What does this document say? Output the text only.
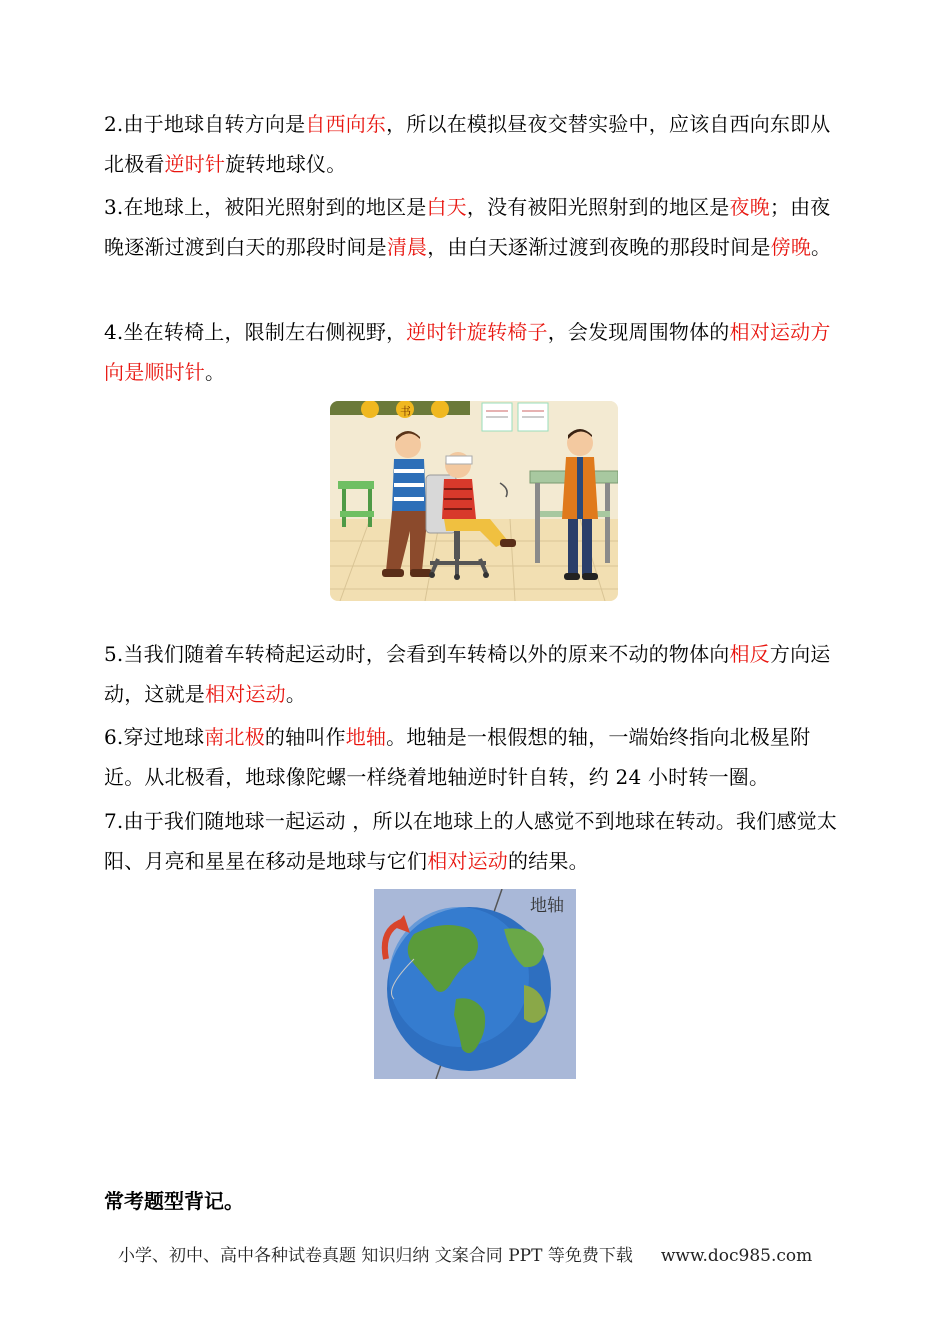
2.由于地球自转方向是自西向东，所以在模拟昼夜交替实验中，应该自西向东即从北极看逆时针旋转地球仪。
3.在地球上，被阳光照射到的地区是白天，没有被阳光照射到的地区是夜晚；由夜晚逐渐过渡到白天的那段时间是清晨，由白天逐渐过渡到夜晚的那段时间是傍晚。
4.坐在转椅上，限制左右侧视野，逆时针旋转椅子，会发现周围物体的相对运动方向是顺时针。
书
5.当我们随着车转椅起运动时，会看到车转椅以外的原来不动的物体向相反方向运动，这就是相对运动。
6.穿过地球南北极的轴叫作地轴。地轴是一根假想的轴，一端始终指向北极星附近。从北极看，地球像陀螺一样绕着地轴逆时针自转，约 24 小时转一圈。
7.由于我们随地球一起运动 ，所以在地球上的人感觉不到地球在转动。我们感觉太阳、月亮和星星在移动是地球与它们相对运动的结果。
地轴
常考题型背记。
小学、初中、高中各种试卷真题 知识归纳 文案合同 PPT 等免费下载 www.doc985.com
